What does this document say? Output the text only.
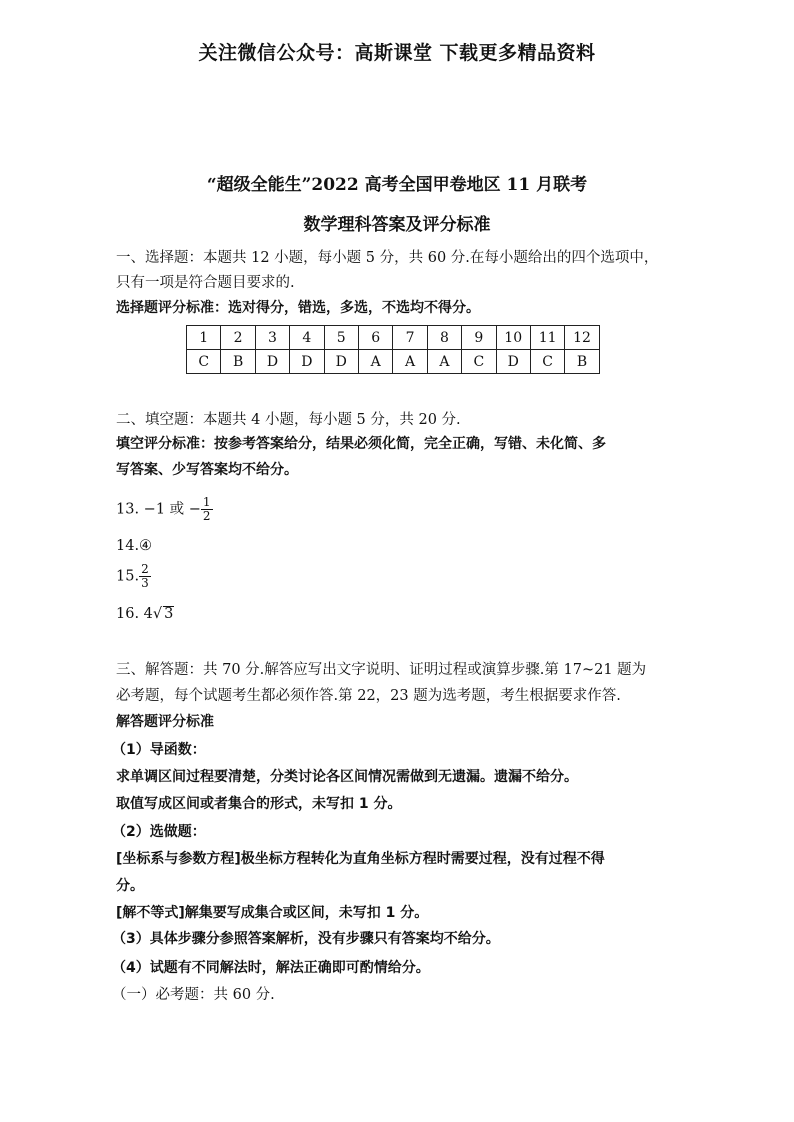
关注微信公众号：高斯课堂 下载更多精品资料
“超级全能生”2022 高考全国甲卷地区 11 月联考
数学理科答案及评分标准
一、选择题：本题共 12 小题，每小题 5 分，共 60 分.在每小题给出的四个选项中，
只有一项是符合题目要求的.
选择题评分标准：选对得分，错选，多选，不选均不得分。
1	2	3	4	5	6	7	8	9	10	11	12
C	B	D	D	D	A	A	A	C	D	C	B
二、填空题：本题共 4 小题，每小题 5 分，共 20 分.
填空评分标准：按参考答案给分，结果必须化简，完全正确，写错、未化简、多
写答案、少写答案均不给分。
13. −1 或 − $\frac{1}{2}$
14.④
15. $\frac{2}{3}$
16. 4√ 3
三、解答题：共 70 分.解答应写出文字说明、证明过程或演算步骤.第 17~21 题为
必考题，每个试题考生都必须作答.第 22，23 题为选考题，考生根据要求作答.
解答题评分标准
（1）导函数：
求单调区间过程要清楚，分类讨论各区间情况需做到无遗漏。遗漏不给分。
取值写成区间或者集合的形式，未写扣 1 分。
（2）选做题：
[坐标系与参数方程]极坐标方程转化为直角坐标方程时需要过程，没有过程不得
分。
[解不等式]解集要写成集合或区间，未写扣 1 分。
（3）具体步骤分参照答案解析，没有步骤只有答案均不给分。
（4）试题有不同解法时，解法正确即可酌情给分。
（一）必考题：共 60 分.
